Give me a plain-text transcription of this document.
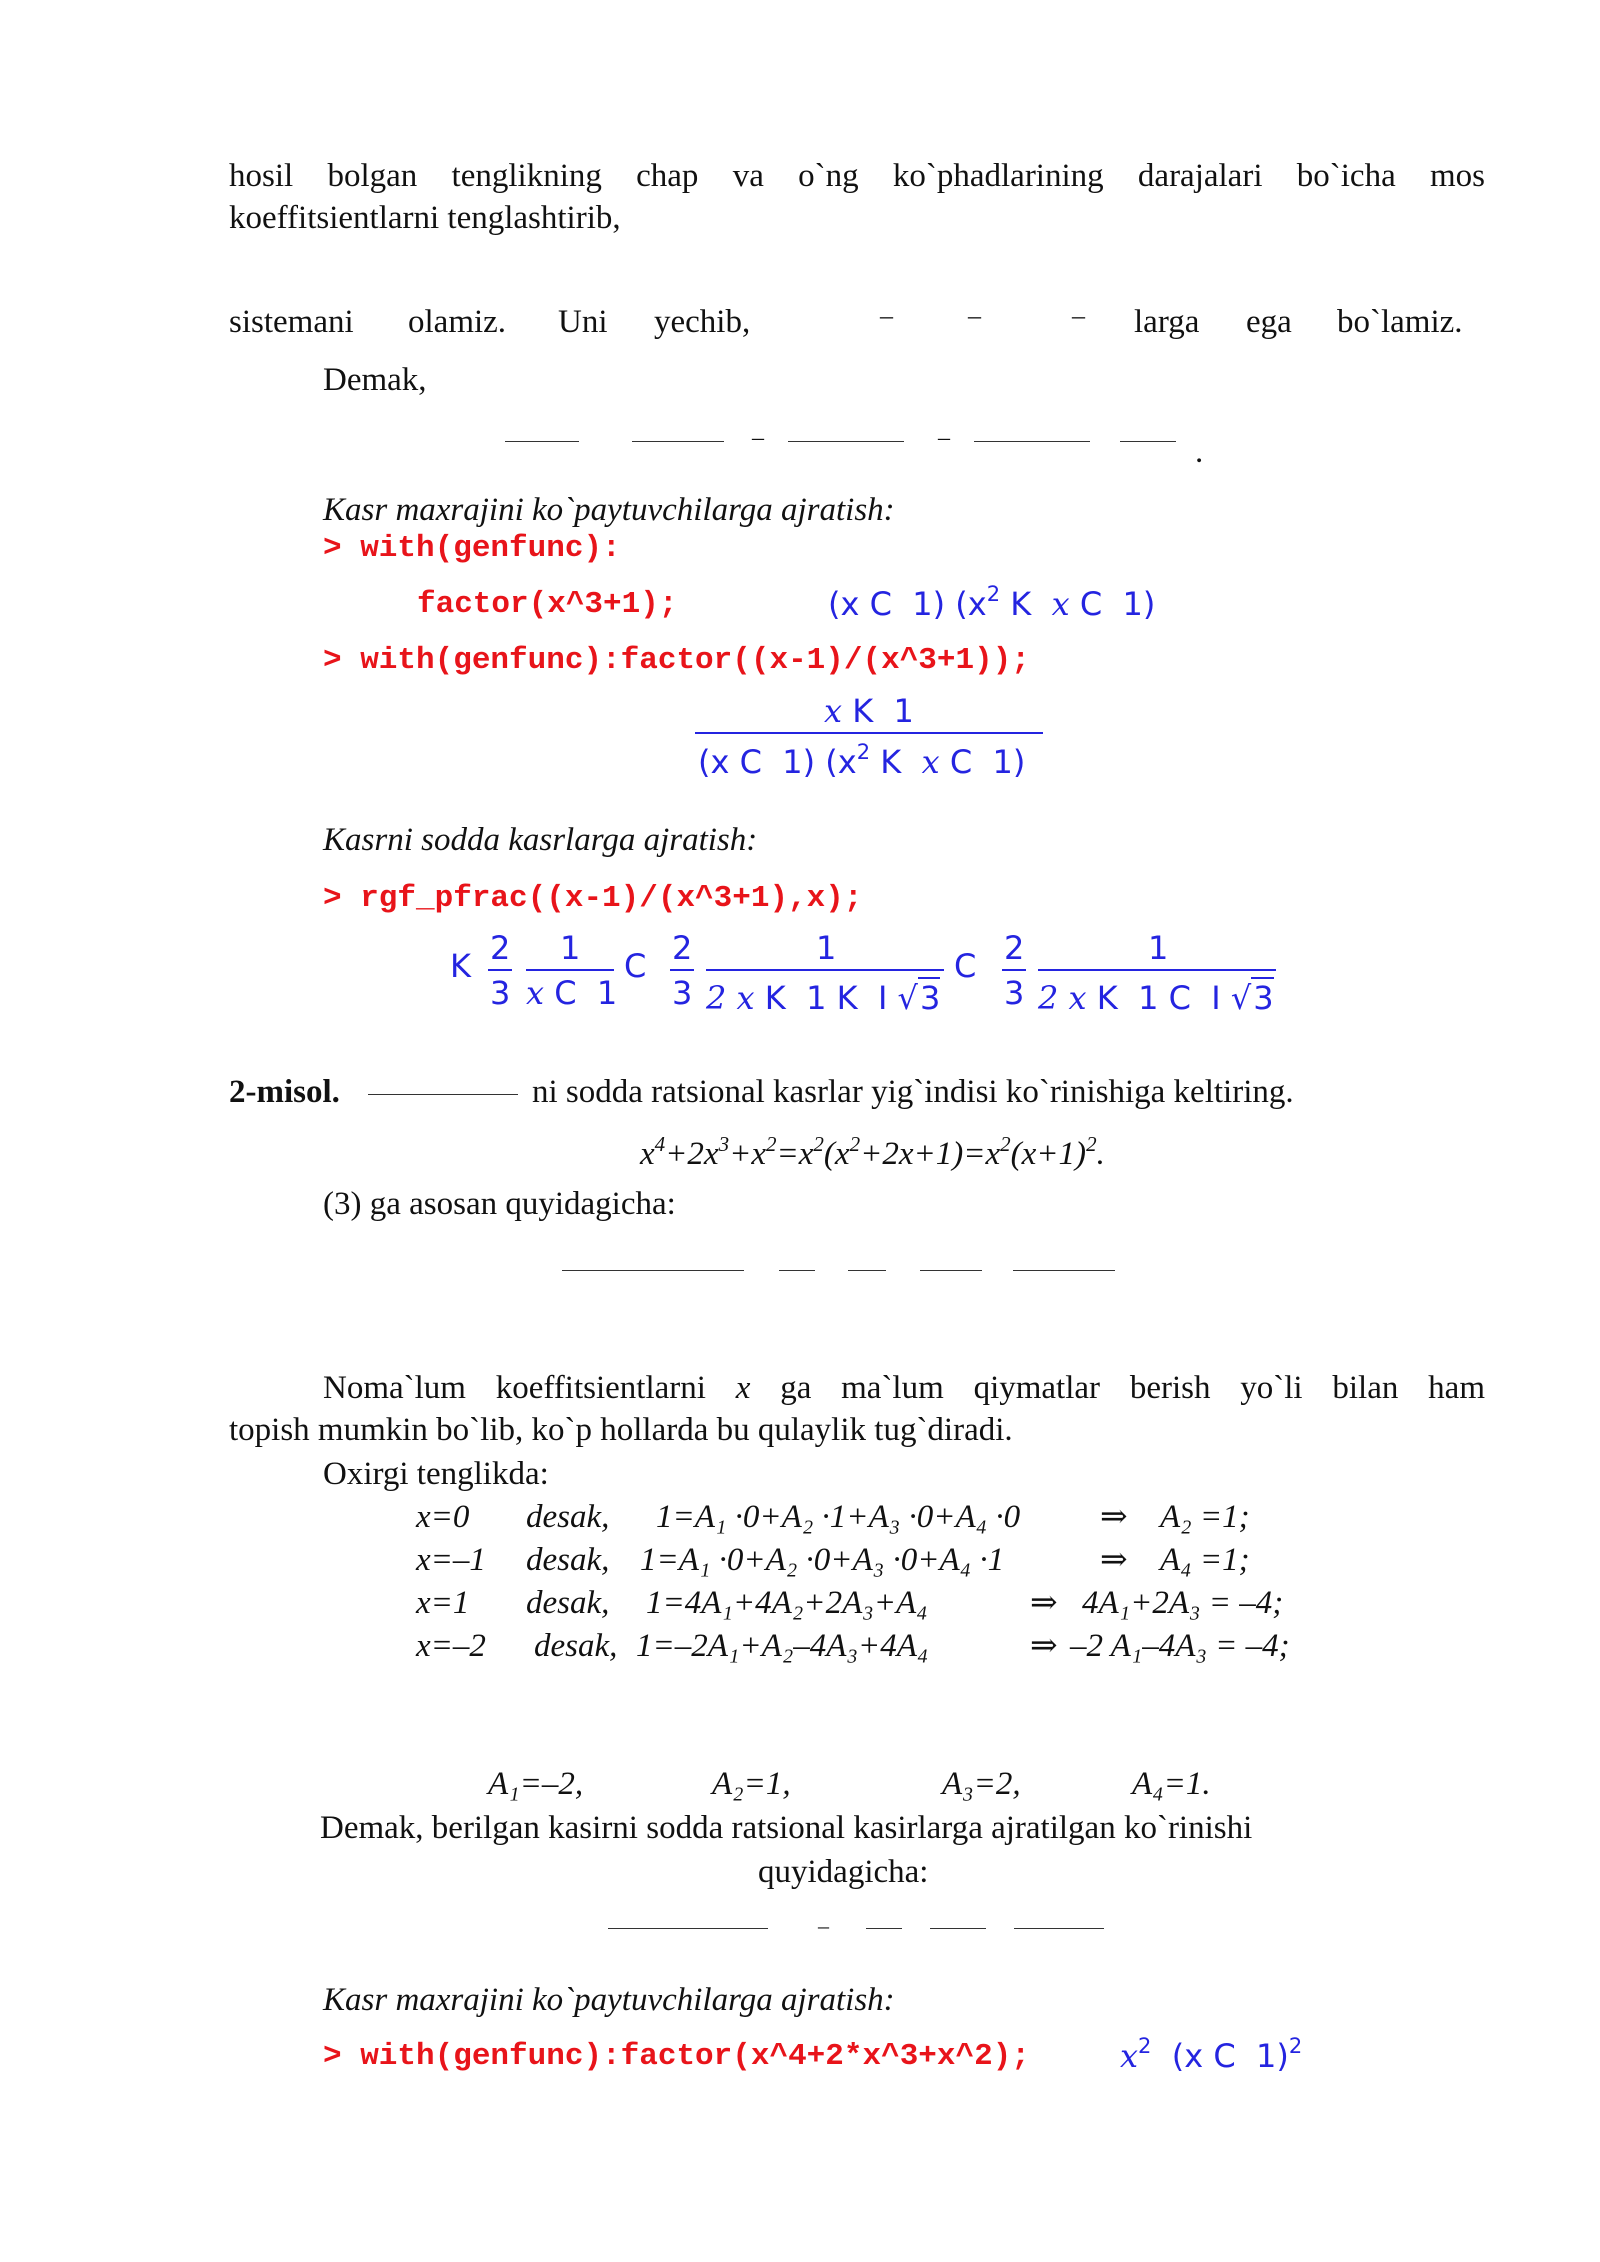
hosil bolgan tenglikning chap va o`ng ko`phadlarining darajalari bo`icha mos
koeffitsientlarni tenglashtirib,
sistemani olamiz. Uni yechib,	–	–	– larga ega bo`lamiz.
Demak,
–	–	.
Kasr maxrajini ko`paytuvchilarga ajratish:
> with(genfunc):
factor(x^3+1);	(x C 1) ($x^2$ K x C 1)
> with(genfunc):factor((x-1)/(x^3+1));
x K 1
(x C 1) ($x^2$ K x C 1)
Kasrni sodda kasrlarga ajratish:
> rgf_pfrac((x-1)/(x^3+1),x);
K 2
3
1
x C 1
C 2
3
1
2 x K 1 K I √3
C 2
3
1
2 x K 1 C I √3
2-misol.	ni sodda ratsional kasrlar yig`indisi ko`rinishiga keltiring.
$x^4+2x^3+x^2=x^2(x^2+2x+1)=x^2(x+1)^2$.
(3) ga asosan quyidagicha:
Noma`lum koeffitsientlarni x ga ma`lum qiymatlar berish yo`li bilan ham
topish mumkin bo`lib, ko`p hollarda bu qulaylik tug`diradi.
Oxirgi tenglikda:
x=0 desak, 1=A₁ ·0+A₂ ·1+A₃ ·0+A₄ ·0 ⇒ A₂ =1;
x=–1 desak, 1=A₁ ·0+A₂ ·0+A₃ ·0+A₄ ·1	⇒ A₄ =1;
x=1 desak, 1=4A₁+4A₂+2A₃+A₄	⇒ 4A₁+2A₃ = –4;
x=–2 desak, 1=–2A₁+A₂–4A₃+4A₄	⇒ –2 A₁–4A₃ = –4;
A₁=–2,	A₂=1,	A₃=2,	A₄=1.
Demak, berilgan kasirni sodda ratsional kasirlarga ajratilgan ko`rinishi
quyidagicha:
–
Kasr maxrajini ko`paytuvchilarga ajratish:
> with(genfunc):factor(x^4+2*x^3+x^2);	$x^2$ (x C 1)$^2$
